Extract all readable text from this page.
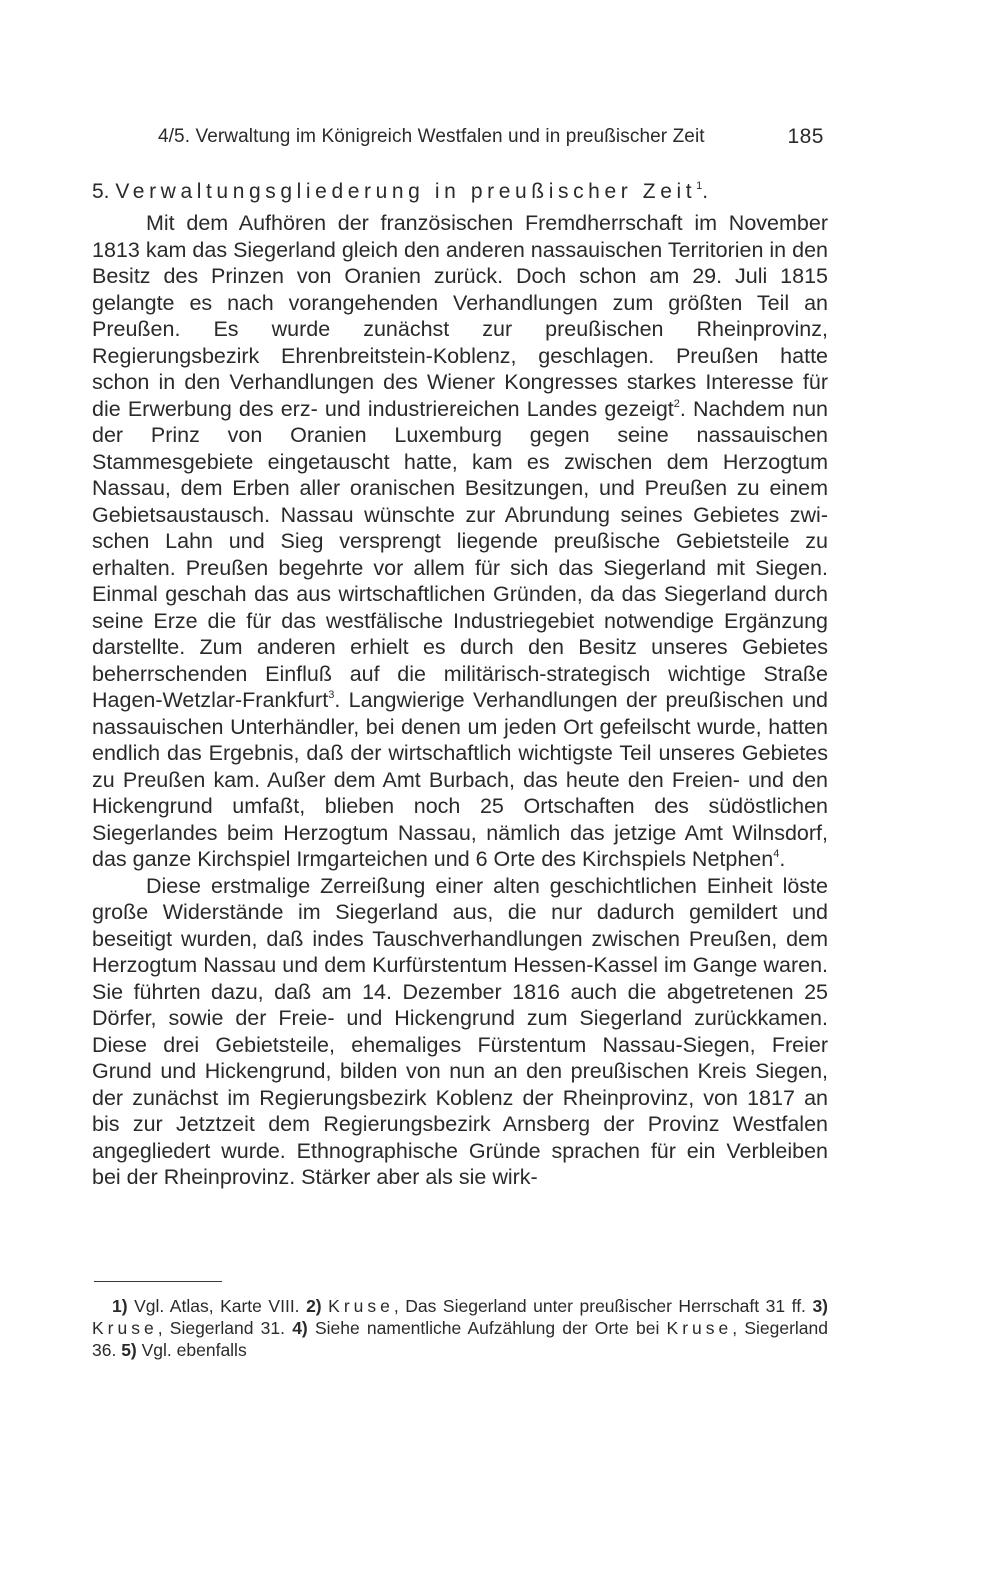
4/5. Verwaltung im Königreich Westfalen und in preußischer Zeit	185
5. Verwaltungsgliederung in preußischer Zeit$^1$.

Mit dem Aufhören der französischen Fremdherrschaft im November 1813 kam das Siegerland gleich den anderen nassauischen Territorien in den Besitz des Prinzen von Oranien zurück. Doch schon am 29. Juli 1815 gelangte es nach vorangehenden Verhandlungen zum größten Teil an Preußen. Es wurde zunächst zur preußischen Rheinprovinz, Regierungsbezirk Ehrenbreitstein-Koblenz, geschlagen. Preußen hatte schon in den Verhandlungen des Wiener Kongresses starkes Interesse für die Erwerbung des erz- und industriereichen Landes gezeigt$^2$. Nachdem nun der Prinz von Oranien Luxemburg gegen seine nassauischen Stammesgebiete eingetauscht hatte, kam es zwischen dem Herzogtum Nassau, dem Erben aller oranischen Besitzungen, und Preußen zu einem Gebietsaustausch. Nassau wünschte zur Abrundung seines Gebietes zwischen Lahn und Sieg versprengt liegende preußische Gebietsteile zu erhalten. Preußen begehrte vor allem für sich das Siegerland mit Siegen. Einmal geschah das aus wirtschaftlichen Gründen, da das Siegerland durch seine Erze die für das westfälische Industriegebiet notwendige Ergänzung darstellte. Zum anderen erhielt es durch den Besitz unseres Gebietes beherrschenden Einfluß auf die militärisch-strategisch wichtige Straße Hagen-Wetzlar-Frankfurt$^3$. Langwierige Verhandlungen der preußischen und nassauischen Unterhändler, bei denen um jeden Ort gefeilscht wurde, hatten endlich das Ergebnis, daß der wirtschaftlich wichtigste Teil unseres Gebietes zu Preußen kam. Außer dem Amt Burbach, das heute den Freien- und den Hickengrund umfaßt, blieben noch 25 Ortschaften des südöstlichen Siegerlandes beim Herzogtum Nassau, nämlich das jetzige Amt Wilnsdorf, das ganze Kirchspiel Irmgarteichen und 6 Orte des Kirchspiels Netphen$^4$.

Diese erstmalige Zerreißung einer alten geschichtlichen Einheit löste große Widerstände im Siegerland aus, die nur dadurch gemildert und beseitigt wurden, daß indes Tauschverhandlungen zwischen Preußen, dem Herzogtum Nassau und dem Kurfürstentum Hessen-Kassel im Gange waren. Sie führten dazu, daß am 14. Dezember 1816 auch die abgetretenen 25 Dörfer, sowie der Freie- und Hickengrund zum Siegerland zurückkamen. Diese drei Gebietsteile, ehemaliges Fürstentum Nassau-Siegen, Freier Grund und Hickengrund, bilden von nun an den preußischen Kreis Siegen, der zunächst im Regierungsbezirk Koblenz der Rheinprovinz, von 1817 an bis zur Jetztzeit dem Regierungsbezirk Arnsberg der Provinz Westfalen angegliedert wurde. Ethnographische Gründe sprachen für ein Verbleiben bei der Rheinprovinz. Stärker aber als sie wirk-

1) Vgl. Atlas, Karte VIII. 2) Kruse, Das Siegerland unter preußischer Herrschaft 31 ff. 3) Kruse, Siegerland 31. 4) Siehe namentliche Aufzählung der Orte bei Kruse, Siegerland 36. 5) Vgl. ebenfalls
